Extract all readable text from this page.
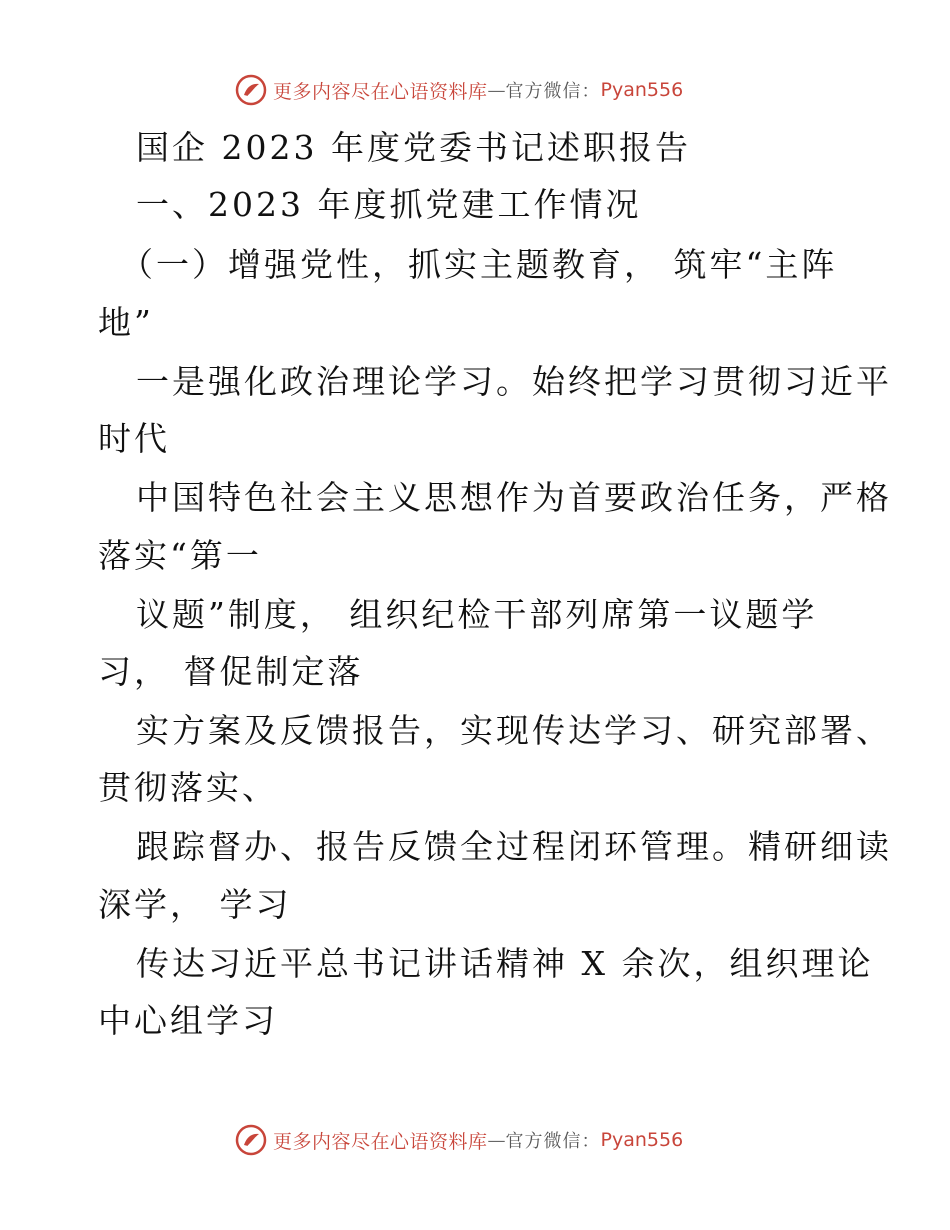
更多内容尽在心语资料库 — 官方微信： Pyan556
国企 2023 年度党委书记述职报告
一、2023 年度抓党建工作情况
（一）增强党性，抓实主题教育， 筑牢“主阵
地”
一是强化政治理论学习。始终把学习贯彻习近平
时代
中国特色社会主义思想作为首要政治任务，严格
落实“第一
议题”制度， 组织纪检干部列席第一议题学
习， 督促制定落
实方案及反馈报告，实现传达学习、研究部署、
贯彻落实、
跟踪督办、报告反馈全过程闭环管理。精研细读
深学， 学习
传达习近平总书记讲话精神 X 余次，组织理论
中心组学习
更多内容尽在心语资料库 — 官方微信： Pyan556
